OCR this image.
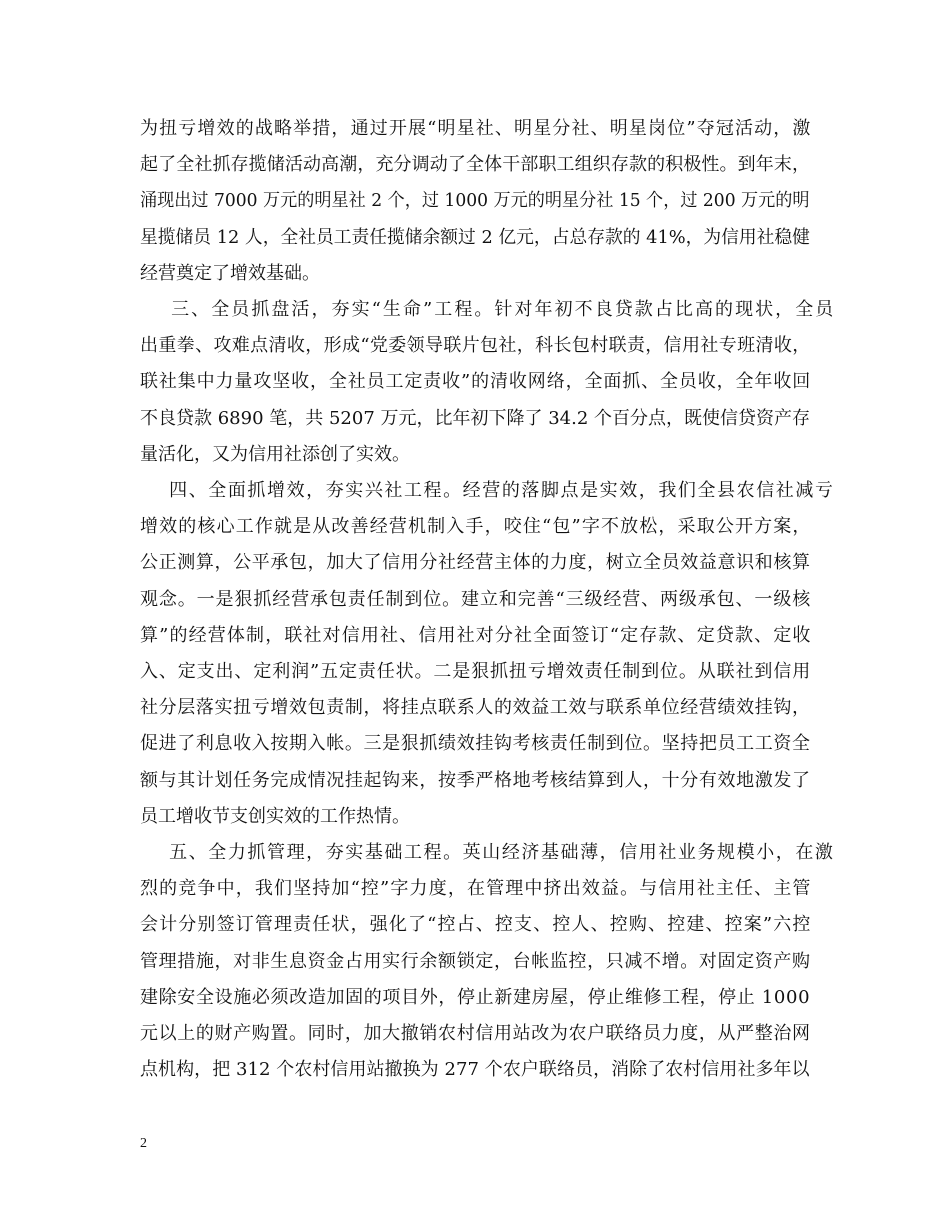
为扭亏增效的战略举措，通过开展“明星社、明星分社、明星岗位”夺冠活动，激
起了全社抓存揽储活动高潮，充分调动了全体干部职工组织存款的积极性。到年末，
涌现出过 7000 万元的明星社 2 个，过 1000 万元的明星分社 15 个，过 200 万元的明
星揽储员 12 人，全社员工责任揽储余额过 2 亿元，占总存款的 41%，为信用社稳健
经营奠定了增效基础。
三、全员抓盘活，夯实“生命”工程。针对年初不良贷款占比高的现状，全员
出重拳、攻难点清收，形成“党委领导联片包社，科长包村联责，信用社专班清收，
联社集中力量攻坚收，全社员工定责收”的清收网络，全面抓、全员收，全年收回
不良贷款 6890 笔，共 5207 万元，比年初下降了 34.2 个百分点，既使信贷资产存
量活化，又为信用社添创了实效。
四、全面抓增效，夯实兴社工程。经营的落脚点是实效，我们全县农信社减亏
增效的核心工作就是从改善经营机制入手，咬住“包”字不放松，采取公开方案，
公正测算，公平承包，加大了信用分社经营主体的力度，树立全员效益意识和核算
观念。一是狠抓经营承包责任制到位。建立和完善“三级经营、两级承包、一级核
算”的经营体制，联社对信用社、信用社对分社全面签订“定存款、定贷款、定收
入、定支出、定利润”五定责任状。二是狠抓扭亏增效责任制到位。从联社到信用
社分层落实扭亏增效包责制，将挂点联系人的效益工效与联系单位经营绩效挂钩，
促进了利息收入按期入帐。三是狠抓绩效挂钩考核责任制到位。坚持把员工工资全
额与其计划任务完成情况挂起钩来，按季严格地考核结算到人，十分有效地激发了
员工增收节支创实效的工作热情。
五、全力抓管理，夯实基础工程。英山经济基础薄，信用社业务规模小，在激
烈的竞争中，我们坚持加“控”字力度，在管理中挤出效益。与信用社主任、主管
会计分别签订管理责任状，强化了“控占、控支、控人、控购、控建、控案”六控
管理措施，对非生息资金占用实行余额锁定，台帐监控，只减不增。对固定资产购
建除安全设施必须改造加固的项目外，停止新建房屋，停止维修工程，停止 1000
元以上的财产购置。同时，加大撤销农村信用站改为农户联络员力度，从严整治网
点机构，把 312 个农村信用站撤换为 277 个农户联络员，消除了农村信用社多年以
2
